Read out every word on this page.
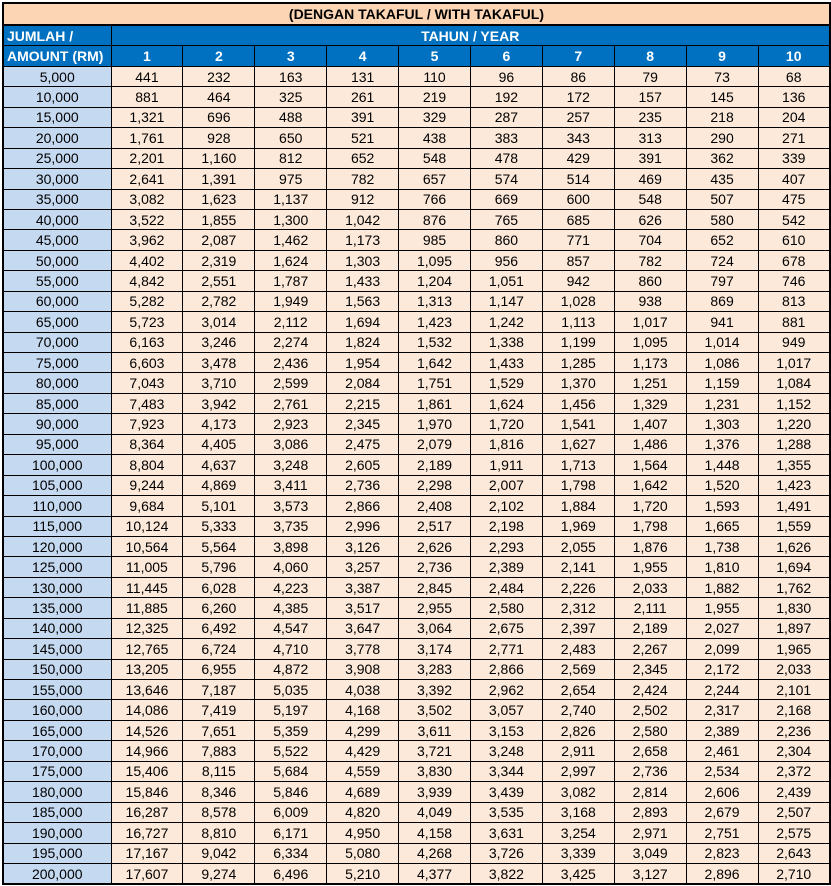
(DENGAN TAKAFUL / WITH TAKAFUL)										
JUMLAH /	TAHUN / YEAR									
AMOUNT (RM)	1	2	3	4	5	6	7	8	9	10
5,000	441	232	163	131	110	96	86	79	73	68
10,000	881	464	325	261	219	192	172	157	145	136
15,000	1,321	696	488	391	329	287	257	235	218	204
20,000	1,761	928	650	521	438	383	343	313	290	271
25,000	2,201	1,160	812	652	548	478	429	391	362	339
30,000	2,641	1,391	975	782	657	574	514	469	435	407
35,000	3,082	1,623	1,137	912	766	669	600	548	507	475
40,000	3,522	1,855	1,300	1,042	876	765	685	626	580	542
45,000	3,962	2,087	1,462	1,173	985	860	771	704	652	610
50,000	4,402	2,319	1,624	1,303	1,095	956	857	782	724	678
55,000	4,842	2,551	1,787	1,433	1,204	1,051	942	860	797	746
60,000	5,282	2,782	1,949	1,563	1,313	1,147	1,028	938	869	813
65,000	5,723	3,014	2,112	1,694	1,423	1,242	1,113	1,017	941	881
70,000	6,163	3,246	2,274	1,824	1,532	1,338	1,199	1,095	1,014	949
75,000	6,603	3,478	2,436	1,954	1,642	1,433	1,285	1,173	1,086	1,017
80,000	7,043	3,710	2,599	2,084	1,751	1,529	1,370	1,251	1,159	1,084
85,000	7,483	3,942	2,761	2,215	1,861	1,624	1,456	1,329	1,231	1,152
90,000	7,923	4,173	2,923	2,345	1,970	1,720	1,541	1,407	1,303	1,220
95,000	8,364	4,405	3,086	2,475	2,079	1,816	1,627	1,486	1,376	1,288
100,000	8,804	4,637	3,248	2,605	2,189	1,911	1,713	1,564	1,448	1,355
105,000	9,244	4,869	3,411	2,736	2,298	2,007	1,798	1,642	1,520	1,423
110,000	9,684	5,101	3,573	2,866	2,408	2,102	1,884	1,720	1,593	1,491
115,000	10,124	5,333	3,735	2,996	2,517	2,198	1,969	1,798	1,665	1,559
120,000	10,564	5,564	3,898	3,126	2,626	2,293	2,055	1,876	1,738	1,626
125,000	11,005	5,796	4,060	3,257	2,736	2,389	2,141	1,955	1,810	1,694
130,000	11,445	6,028	4,223	3,387	2,845	2,484	2,226	2,033	1,882	1,762
135,000	11,885	6,260	4,385	3,517	2,955	2,580	2,312	2,111	1,955	1,830
140,000	12,325	6,492	4,547	3,647	3,064	2,675	2,397	2,189	2,027	1,897
145,000	12,765	6,724	4,710	3,778	3,174	2,771	2,483	2,267	2,099	1,965
150,000	13,205	6,955	4,872	3,908	3,283	2,866	2,569	2,345	2,172	2,033
155,000	13,646	7,187	5,035	4,038	3,392	2,962	2,654	2,424	2,244	2,101
160,000	14,086	7,419	5,197	4,168	3,502	3,057	2,740	2,502	2,317	2,168
165,000	14,526	7,651	5,359	4,299	3,611	3,153	2,826	2,580	2,389	2,236
170,000	14,966	7,883	5,522	4,429	3,721	3,248	2,911	2,658	2,461	2,304
175,000	15,406	8,115	5,684	4,559	3,830	3,344	2,997	2,736	2,534	2,372
180,000	15,846	8,346	5,846	4,689	3,939	3,439	3,082	2,814	2,606	2,439
185,000	16,287	8,578	6,009	4,820	4,049	3,535	3,168	2,893	2,679	2,507
190,000	16,727	8,810	6,171	4,950	4,158	3,631	3,254	2,971	2,751	2,575
195,000	17,167	9,042	6,334	5,080	4,268	3,726	3,339	3,049	2,823	2,643
200,000	17,607	9,274	6,496	5,210	4,377	3,822	3,425	3,127	2,896	2,710
